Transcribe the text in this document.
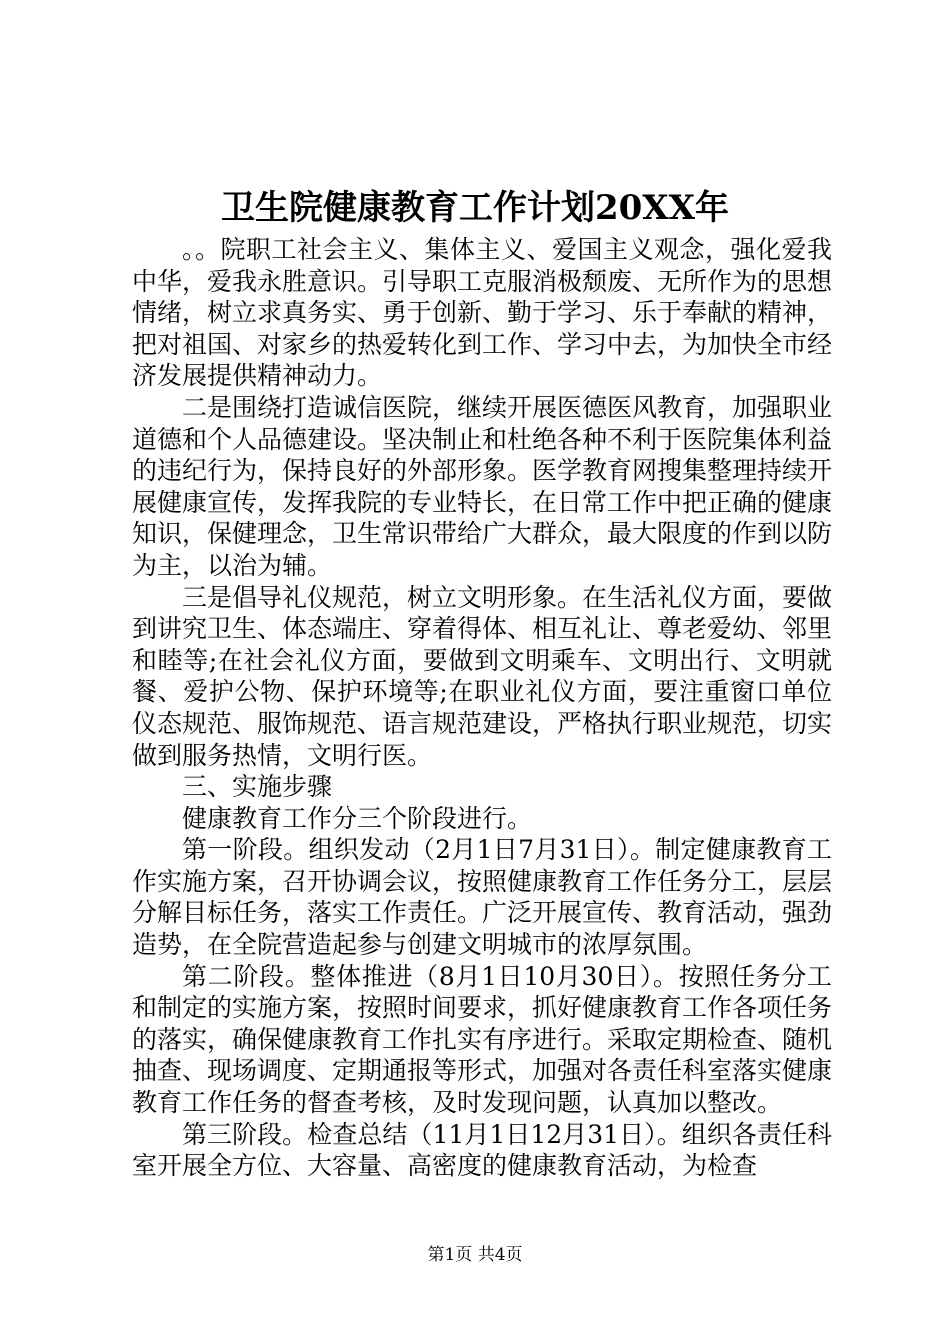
卫生院健康教育工作计划20XX年

。。院职工社会主义、集体主义、爱国主义观念，强化爱我中华，爱我永胜意识。引导职工克服消极颓废、无所作为的思想情绪，树立求真务实、勇于创新、勤于学习、乐于奉献的精神，把对祖国、对家乡的热爱转化到工作、学习中去，为加快全市经济发展提供精神动力。

二是围绕打造诚信医院，继续开展医德医风教育，加强职业道德和个人品德建设。坚决制止和杜绝各种不利于医院集体利益的违纪行为，保持良好的外部形象。医学教育网搜集整理持续开展健康宣传，发挥我院的专业特长，在日常工作中把正确的健康知识，保健理念，卫生常识带给广大群众，最大限度的作到以防为主，以治为辅。

三是倡导礼仪规范，树立文明形象。在生活礼仪方面，要做到讲究卫生、体态端庄、穿着得体、相互礼让、尊老爱幼、邻里和睦等;在社会礼仪方面，要做到文明乘车、文明出行、文明就餐、爱护公物、保护环境等;在职业礼仪方面，要注重窗口单位仪态规范、服饰规范、语言规范建设，严格执行职业规范，切实做到服务热情，文明行医。

三、实施步骤

健康教育工作分三个阶段进行。

第一阶段。组织发动（2月1日7月31日）。制定健康教育工作实施方案，召开协调会议，按照健康教育工作任务分工，层层分解目标任务，落实工作责任。广泛开展宣传、教育活动，强劲造势，在全院营造起参与创建文明城市的浓厚氛围。

第二阶段。整体推进（8月1日10月30日）。按照任务分工和制定的实施方案，按照时间要求，抓好健康教育工作各项任务的落实，确保健康教育工作扎实有序进行。采取定期检查、随机抽查、现场调度、定期通报等形式，加强对各责任科室落实健康教育工作任务的督查考核，及时发现问题，认真加以整改。

第三阶段。检查总结（11月1日12月31日）。组织各责任科室开展全方位、大容量、高密度的健康教育活动，为检查

第1页 共4页
